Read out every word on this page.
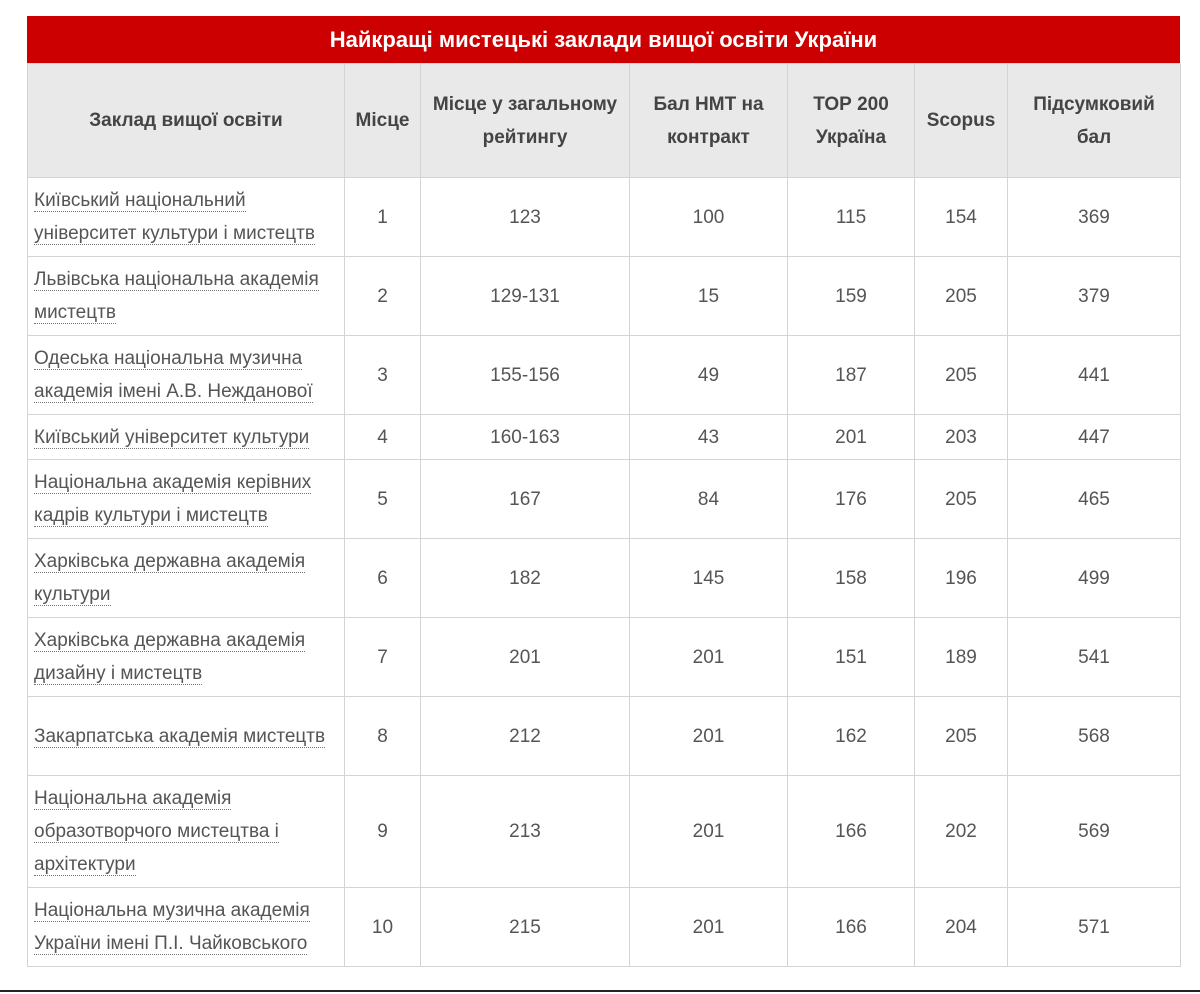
Найкращі мистецькі заклади вищої освіти України
Заклад вищої освіти	Місце	Місце у загальному рейтингу	Бал НМТ на контракт	ТОР 200 Україна	Scopus	Підсумковий бал
Київський національний університет культури і мистецтв	1	123	100	115	154	369
Львівська національна академія мистецтв	2	129-131	15	159	205	379
Одеська національна музична академія імені А.В. Нежданової	3	155-156	49	187	205	441
Київський університет культури	4	160-163	43	201	203	447
Національна академія керівних кадрів культури і мистецтв	5	167	84	176	205	465
Харківська державна академія культури	6	182	145	158	196	499
Харківська державна академія дизайну і мистецтв	7	201	201	151	189	541
Закарпатська академія мистецтв	8	212	201	162	205	568
Національна академія образотворчого мистецтва і архітектури	9	213	201	166	202	569
Національна музична академія України імені П.І. Чайковського	10	215	201	166	204	571
